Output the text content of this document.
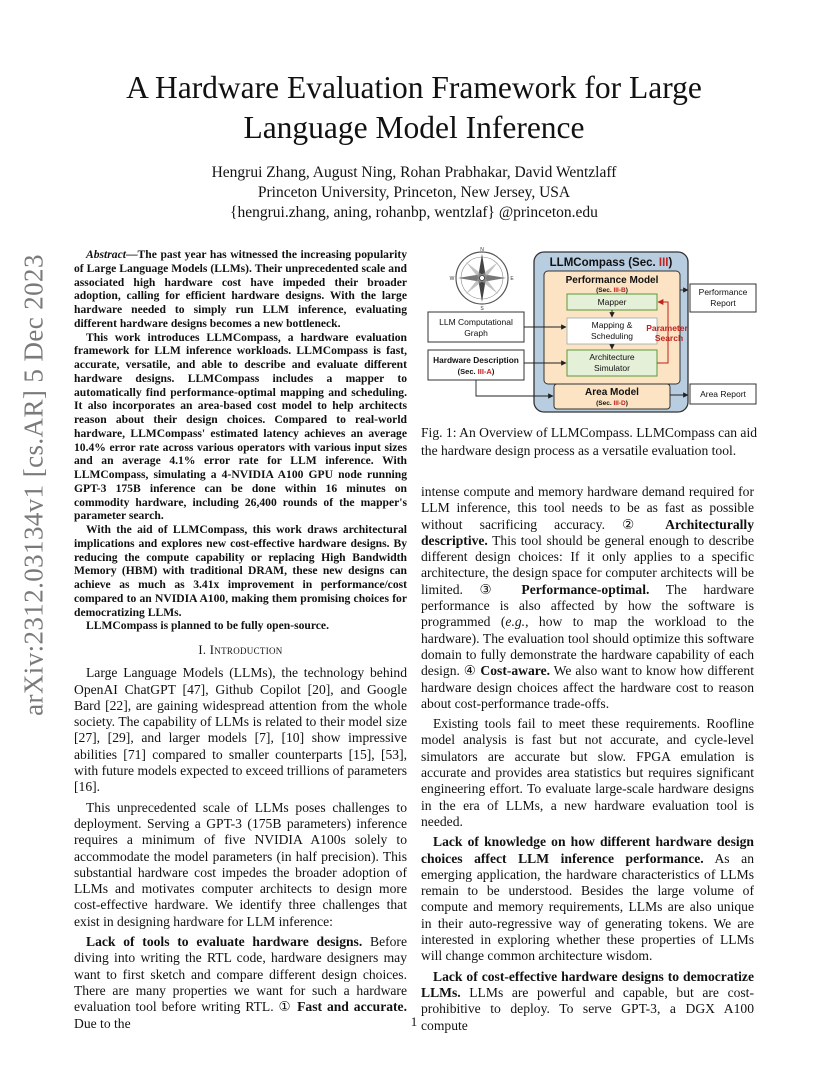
arXiv:2312.03134v1 [cs.AR] 5 Dec 2023
A Hardware Evaluation Framework for Large
Language Model Inference
Hengrui Zhang, August Ning, Rohan Prabhakar, David Wentzlaff
Princeton University, Princeton, New Jersey, USA
{hengrui.zhang, aning, rohanbp, wentzlaf} @princeton.edu

Abstract—The past year has witnessed the increasing popularity of Large Language Models (LLMs). Their unprecedented scale and associated high hardware cost have impeded their broader adoption, calling for efficient hardware designs. With the large hardware needed to simply run LLM inference, evaluating different hardware designs becomes a new bottleneck.

This work introduces LLMCompass, a hardware evaluation framework for LLM inference workloads. LLMCompass is fast, accurate, versatile, and able to describe and evaluate different hardware designs. LLMCompass includes a mapper to automatically find performance-optimal mapping and scheduling. It also incorporates an area-based cost model to help architects reason about their design choices. Compared to real-world hardware, LLMCompass' estimated latency achieves an average 10.4% error rate across various operators with various input sizes and an average 4.1% error rate for LLM inference. With LLMCompass, simulating a 4-NVIDIA A100 GPU node running GPT-3 175B inference can be done within 16 minutes on commodity hardware, including 26,400 rounds of the mapper's parameter search.

With the aid of LLMCompass, this work draws architectural implications and explores new cost-effective hardware designs. By reducing the compute capability or replacing High Bandwidth Memory (HBM) with traditional DRAM, these new designs can achieve as much as 3.41x improvement in performance/cost compared to an NVIDIA A100, making them promising choices for democratizing LLMs.

LLMCompass is planned to be fully open-source.

I. Introduction

Large Language Models (LLMs), the technology behind OpenAI ChatGPT [47], Github Copilot [20], and Google Bard [22], are gaining widespread attention from the whole society. The capability of LLMs is related to their model size [27], [29], and larger models [7], [10] show impressive abilities [71] compared to smaller counterparts [15], [53], with future models expected to exceed trillions of parameters [16].

This unprecedented scale of LLMs poses challenges to deployment. Serving a GPT-3 (175B parameters) inference requires a minimum of five NVIDIA A100s solely to accommodate the model parameters (in half precision). This substantial hardware cost impedes the broader adoption of LLMs and motivates computer architects to design more cost-effective hardware. We identify three challenges that exist in designing hardware for LLM inference:

Lack of tools to evaluate hardware designs. Before diving into writing the RTL code, hardware designers may want to first sketch and compare different design choices. There are many properties we want for such a hardware evaluation tool before writing RTL. ① Fast and accurate. Due to the

N
S
E
W
LLMCompass (Sec. III)
Performance Model
(Sec. III-B)
Mapper
Mapping &
Scheduling
Architecture
Simulator
Parameter
Search
Area Model
(Sec. III-D)
LLM Computational
Graph
Hardware Description
(Sec. III-A)
Performance
Report
Area Report
Fig. 1: An Overview of LLMCompass. LLMCompass can aid the hardware design process as a versatile evaluation tool.

intense compute and memory hardware demand required for LLM inference, this tool needs to be as fast as possible without sacrificing accuracy. ② Architecturally descriptive. This tool should be general enough to describe different design choices: If it only applies to a specific architecture, the design space for computer architects will be limited. ③ Performance-optimal. The hardware performance is also affected by how the software is programmed (e.g., how to map the workload to the hardware). The evaluation tool should optimize this software domain to fully demonstrate the hardware capability of each design. ④ Cost-aware. We also want to know how different hardware design choices affect the hardware cost to reason about cost-performance trade-offs.

Existing tools fail to meet these requirements. Roofline model analysis is fast but not accurate, and cycle-level simulators are accurate but slow. FPGA emulation is accurate and provides area statistics but requires significant engineering effort. To evaluate large-scale hardware designs in the era of LLMs, a new hardware evaluation tool is needed.

Lack of knowledge on how different hardware design choices affect LLM inference performance. As an emerging application, the hardware characteristics of LLMs remain to be understood. Besides the large volume of compute and memory requirements, LLMs are also unique in their auto-regressive way of generating tokens. We are interested in exploring whether these properties of LLMs will change common architecture wisdom.

Lack of cost-effective hardware designs to democratize LLMs. LLMs are powerful and capable, but are cost-prohibitive to deploy. To serve GPT-3, a DGX A100 compute

1
